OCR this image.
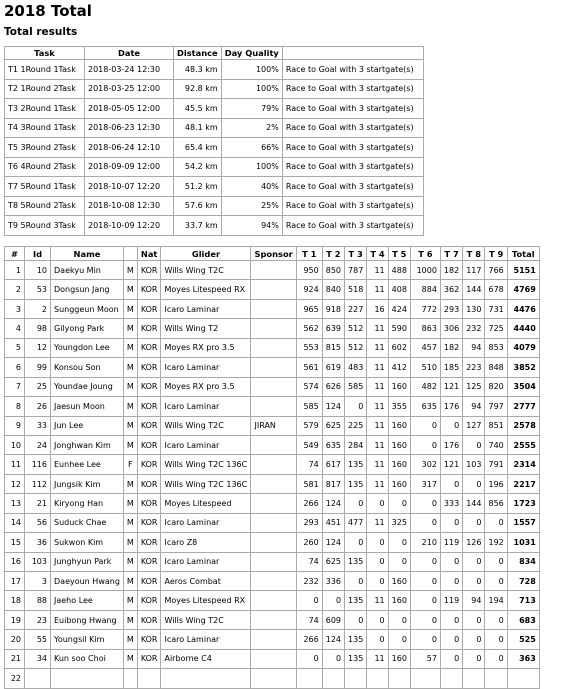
2018 Total
Total results
Task	Date	Distance	Day Quality	
T1 1Round 1Task	2018-03-24 12:30	48.3 km	100%	Race to Goal with 3 startgate(s)
T2 1Round 2Task	2018-03-25 12:00	92.8 km	100%	Race to Goal with 3 startgate(s)
T3 2Round 1Task	2018-05-05 12:00	45.5 km	79%	Race to Goal with 3 startgate(s)
T4 3Round 1Task	2018-06-23 12:30	48.1 km	2%	Race to Goal with 3 startgate(s)
T5 3Round 2Task	2018-06-24 12:10	65.4 km	66%	Race to Goal with 3 startgate(s)
T6 4Round 2Task	2018-09-09 12:00	54.2 km	100%	Race to Goal with 3 startgate(s)
T7 5Round 1Task	2018-10-07 12:20	51.2 km	40%	Race to Goal with 3 startgate(s)
T8 5Round 2Task	2018-10-08 12:30	57.6 km	25%	Race to Goal with 3 startgate(s)
T9 5Round 3Task	2018-10-09 12:20	33.7 km	94%	Race to Goal with 3 startgate(s)
#	Id	Name		Nat	Glider	Sponsor	T 1	T 2	T 3	T 4	T 5	T 6	T 7	T 8	T 9	Total
1	10	Daekyu Min	M	KOR	Wills Wing T2C		950	850	787	11	488	1000	182	117	766	5151
2	53	Dongsun Jang	M	KOR	Moyes Litespeed RX		924	840	518	11	408	884	362	144	678	4769
3	2	Sunggeun Moon	M	KOR	Icaro Laminar		965	918	227	16	424	772	293	130	731	4476
4	98	Gilyong Park	M	KOR	Wills Wing T2		562	639	512	11	590	863	306	232	725	4440
5	12	Youngdon Lee	M	KOR	Moyes RX pro 3.5		553	815	512	11	602	457	182	94	853	4079
6	99	Konsou Son	M	KOR	Icaro Laminar		561	619	483	11	412	510	185	223	848	3852
7	25	Youndae Joung	M	KOR	Moyes RX pro 3.5		574	626	585	11	160	482	121	125	820	3504
8	26	Jaesun Moon	M	KOR	Icaro Laminar		585	124	0	11	355	635	176	94	797	2777
9	33	Jun Lee	M	KOR	Wills Wing T2C	JIRAN	579	625	225	11	160	0	0	127	851	2578
10	24	Jonghwan Kim	M	KOR	Icaro Laminar		549	635	284	11	160	0	176	0	740	2555
11	116	Eunhee Lee	F	KOR	Wills Wing T2C 136C		74	617	135	11	160	302	121	103	791	2314
12	112	Jungsik Kim	M	KOR	Wills Wing T2C 136C		581	817	135	11	160	317	0	0	196	2217
13	21	Kiryong Han	M	KOR	Moyes Litespeed		266	124	0	0	0	0	333	144	856	1723
14	56	Suduck Chae	M	KOR	Icaro Laminar		293	451	477	11	325	0	0	0	0	1557
15	36	Sukwon Kim	M	KOR	Icaro Z8		260	124	0	0	0	210	119	126	192	1031
16	103	Junghyun Park	M	KOR	Icaro Laminar		74	625	135	0	0	0	0	0	0	834
17	3	Daeyoun Hwang	M	KOR	Aeros Combat		232	336	0	0	160	0	0	0	0	728
18	88	Jaeho Lee	M	KOR	Moyes Litespeed RX		0	0	135	11	160	0	119	94	194	713
19	23	Euibong Hwang	M	KOR	Wills Wing T2C		74	609	0	0	0	0	0	0	0	683
20	55	Youngsil Kim	M	KOR	Icaro Laminar		266	124	135	0	0	0	0	0	0	525
21	34	Kun soo Choi	M	KOR	Airborne C4		0	0	135	11	160	57	0	0	0	363
22																
